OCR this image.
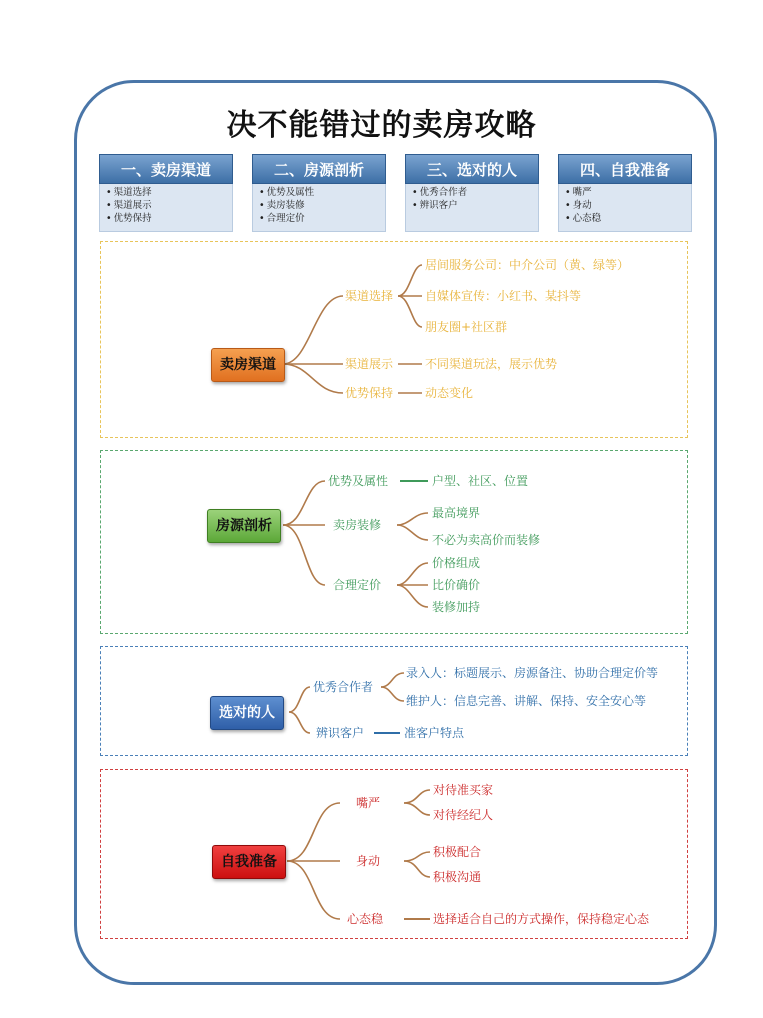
决不能错过的卖房攻略
一、卖房渠道
• 渠道选择
• 渠道展示
• 优势保持
二、房源剖析
• 优势及属性
• 卖房装修
• 合理定价
三、选对的人
• 优秀合作者
• 辨识客户
四、自我准备
• 嘴严
• 身动
• 心态稳
卖房渠道
渠道选择
居间服务公司：中介公司（黄、绿等）
自媒体宣传：小红书、某抖等
朋友圈+社区群
渠道展示	不同渠道玩法，展示优势
优势保持	动态变化
房源剖析
优势及属性	户型、社区、位置
卖房装修
最高境界
不必为卖高价而装修
合理定价
价格组成
比价确价
装修加持
选对的人
优秀合作者
录入人：标题展示、房源备注、协助合理定价等
维护人：信息完善、讲解、保持、安全安心等
辨识客户	准客户特点
自我准备
嘴严
对待准买家
对待经纪人
身动
积极配合
积极沟通
心态稳	选择适合自己的方式操作，保持稳定心态
